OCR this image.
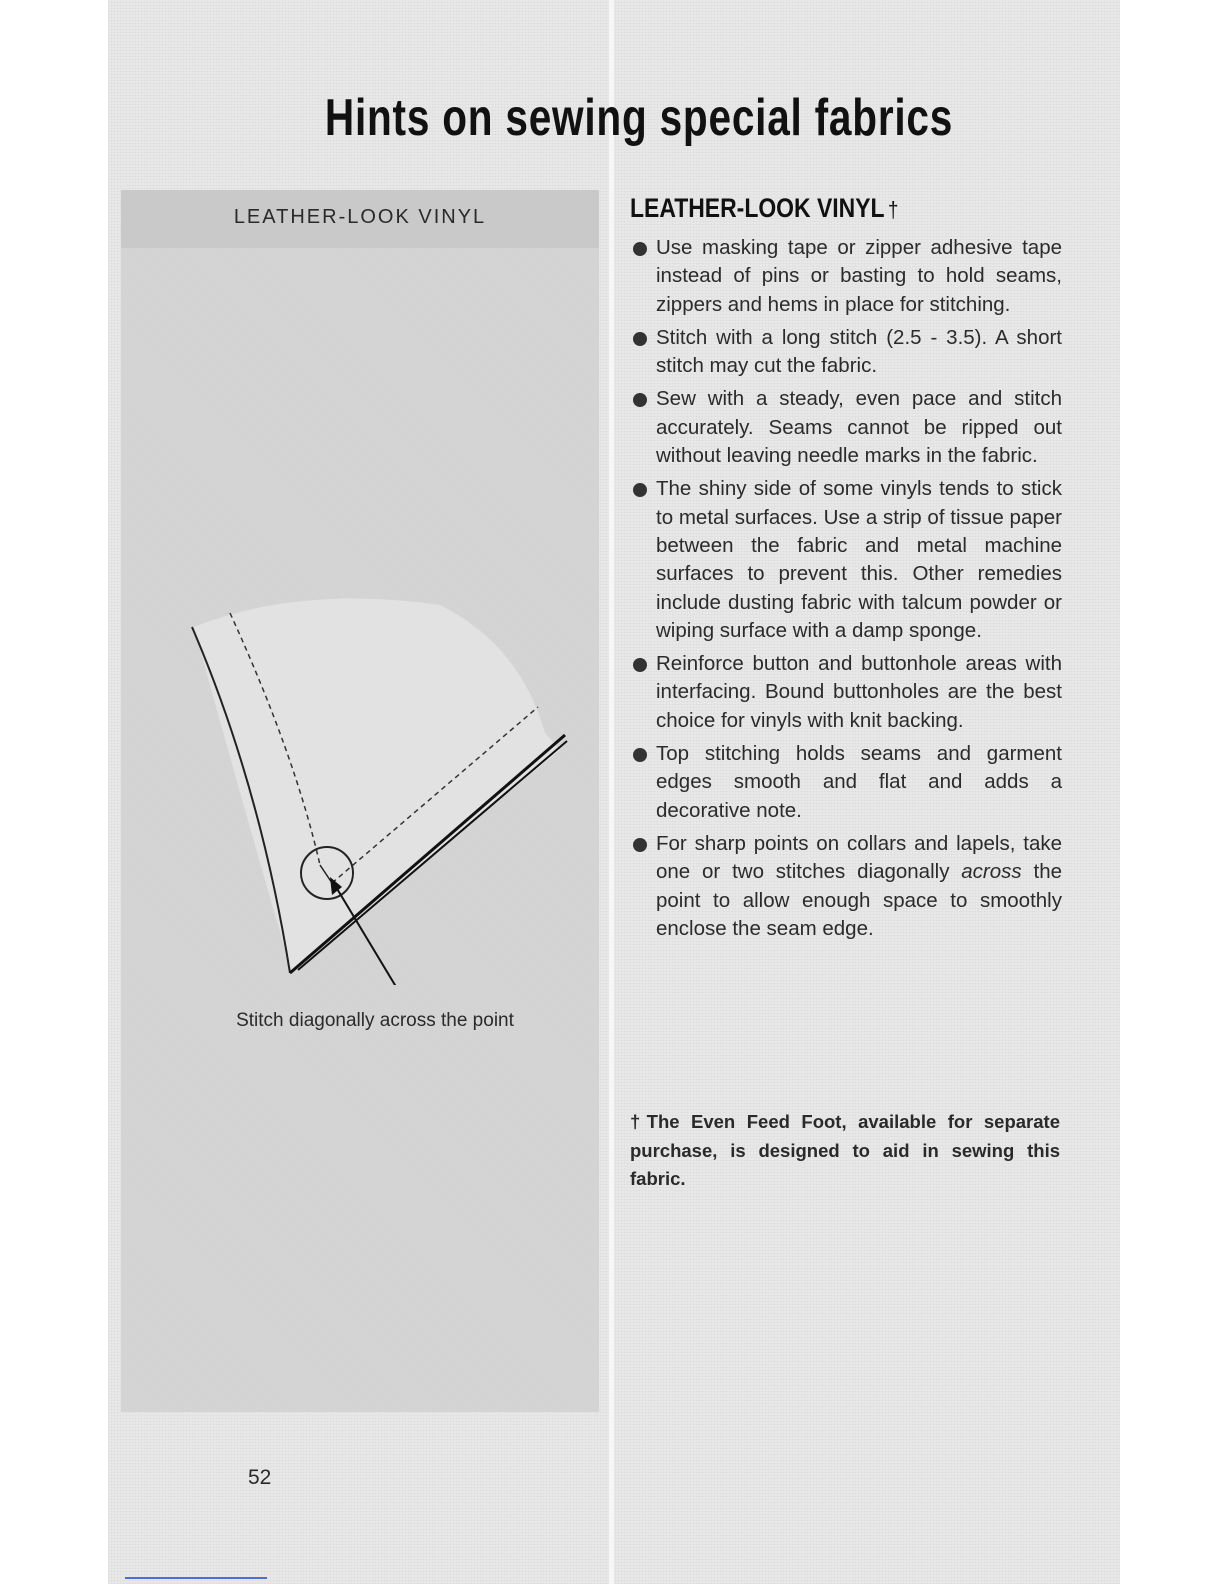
Hints on sewing special fabrics
LEATHER-LOOK VINYL
Stitch diagonally across the point
LEATHER-LOOK VINYL †
Use masking tape or zipper adhesive tape instead of pins or basting to hold seams, zippers and hems in place for stitching.
Stitch with a long stitch (2.5 - 3.5). A short stitch may cut the fabric.
Sew with a steady, even pace and stitch accurately. Seams cannot be ripped out without leaving needle marks in the fabric.
The shiny side of some vinyls tends to stick to metal surfaces. Use a strip of tissue paper between the fabric and metal machine surfaces to prevent this. Other remedies include dusting fabric with talcum powder or wiping surface with a damp sponge.
Reinforce button and buttonhole areas with interfacing. Bound buttonholes are the best choice for vinyls with knit backing.
Top stitching holds seams and garment edges smooth and flat and adds a decorative note.
For sharp points on collars and lapels, take one or two stitches diagonally across the point to allow enough space to smoothly enclose the seam edge.
†The Even Feed Foot, available for separate purchase, is designed to aid in sewing this fabric.
52
